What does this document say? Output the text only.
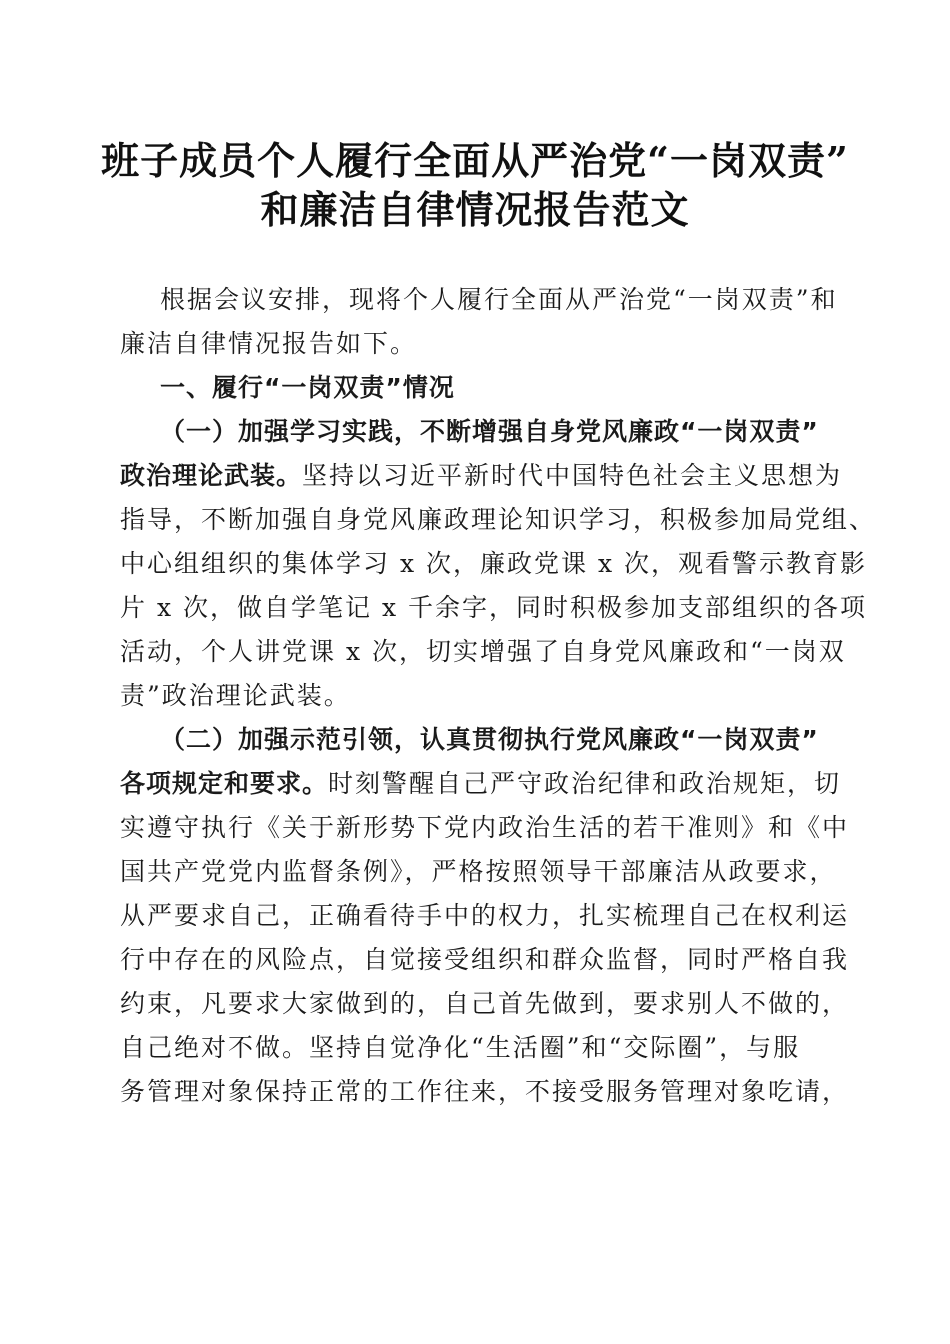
班子成员个人履行全面从严治党“一岗双责”
和廉洁自律情况报告范文
根据会议安排，现将个人履行全面从严治党“一岗双责”和
廉洁自律情况报告如下。
一、履行“一岗双责”情况
（一）加强学习实践，不断增强自身党风廉政“一岗双责”
政治理论武装。坚持以习近平新时代中国特色社会主义思想为
指导，不断加强自身党风廉政理论知识学习，积极参加局党组、
中心组组织的集体学习 x 次，廉政党课 x 次，观看警示教育影
片 x 次，做自学笔记 x 千余字，同时积极参加支部组织的各项
活动，个人讲党课 x 次，切实增强了自身党风廉政和“一岗双
责”政治理论武装。
（二）加强示范引领，认真贯彻执行党风廉政“一岗双责”
各项规定和要求。时刻警醒自己严守政治纪律和政治规矩，切
实遵守执行《关于新形势下党内政治生活的若干准则》和《中
国共产党党内监督条例》，严格按照领导干部廉洁从政要求，
从严要求自己，正确看待手中的权力，扎实梳理自己在权利运
行中存在的风险点，自觉接受组织和群众监督，同时严格自我
约束，凡要求大家做到的，自己首先做到，要求别人不做的，
自己绝对不做。坚持自觉净化“生活圈”和“交际圈”，与服
务管理对象保持正常的工作往来，不接受服务管理对象吃请，
